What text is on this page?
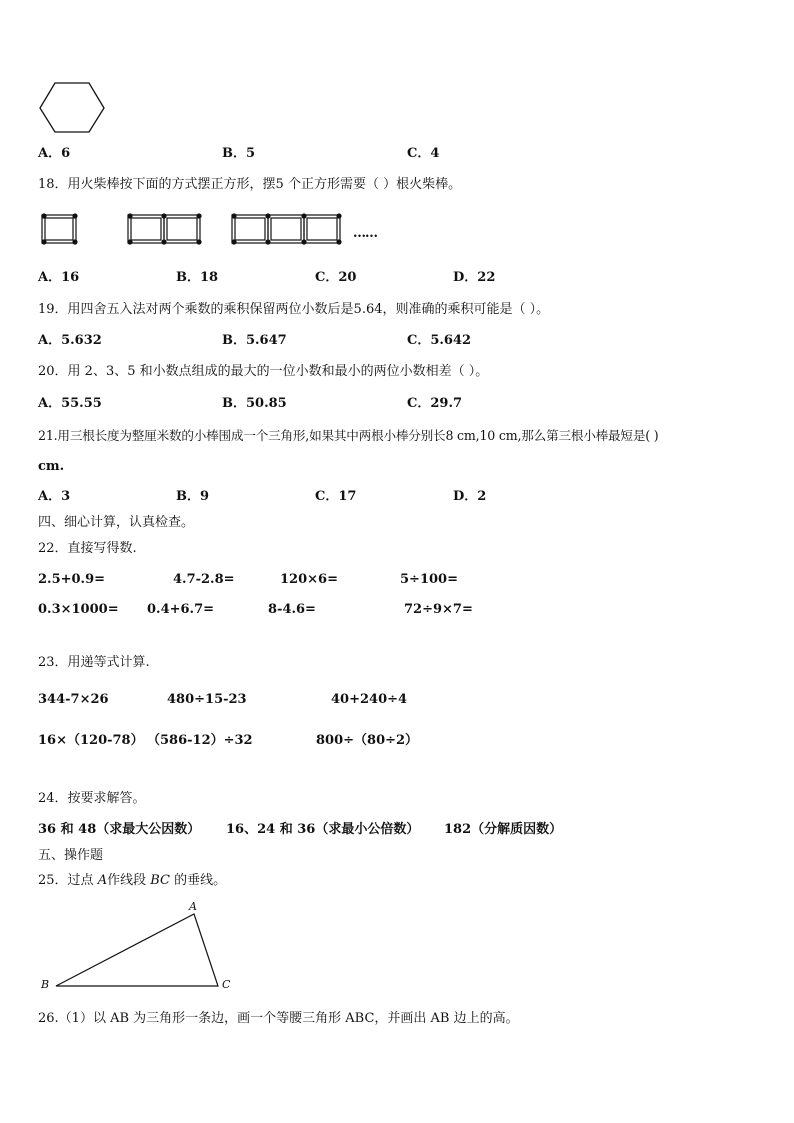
A．6	B．5	C．4
18．用火柴棒按下面的方式摆正方形，摆5 个正方形需要（ ）根火柴棒。
……
A．16	B．18	C．20	D．22
19．用四舍五入法对两个乘数的乘积保留两位小数后是5.64，则准确的乘积可能是（ ）。
A．5.632	B．5.647	C．5.642
20．用 2、3、5 和小数点组成的最大的一位小数和最小的两位小数相差（ ）。
A．55.55	B．50.85	C．29.7
21.用三根长度为整厘米数的小棒围成一个三角形,如果其中两根小棒分别长8 cm,10 cm,那么第三根小棒最短是( )
cm.
A．3	B．9	C．17	D．2
四、细心计算，认真检查。
22．直接写得数.
2.5+0.9=	4.7-2.8=	120×6=	5÷100=
0.3×1000= 0.4+6.7=	8-4.6=	72÷9×7=
23．用递等式计算.
344-7×26	480÷15-23	40+240÷4
16×（120-78） （586-12）÷32	800÷（80÷2）
24．按要求解答。
36 和 48（求最大公因数） 16、24 和 36（求最小公倍数） 182（分解质因数）
五、操作题
25．过点 A作线段 BC 的垂线。
A
B	C
26.（1）以 AB 为三角形一条边，画一个等腰三角形 ABC，并画出 AB 边上的高。
